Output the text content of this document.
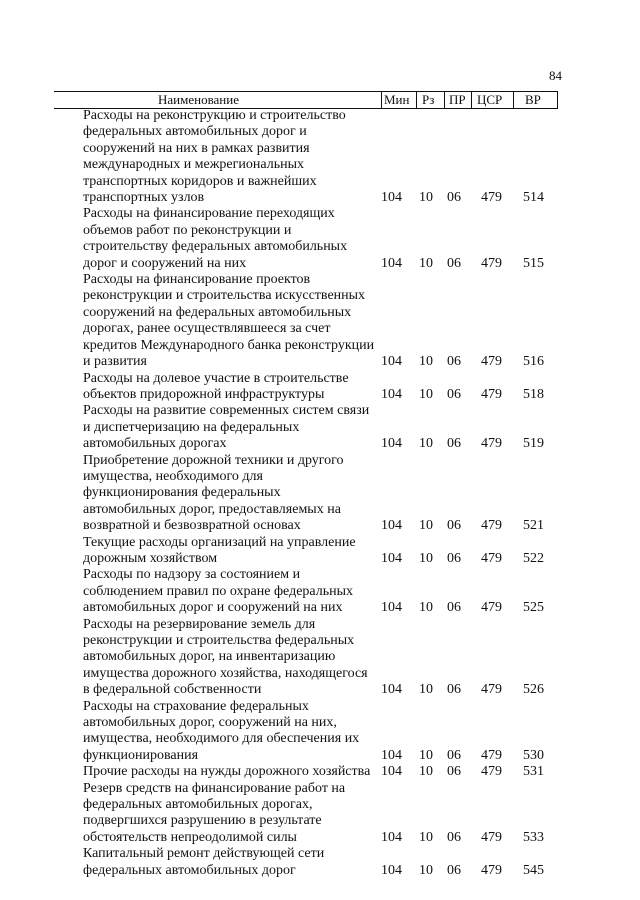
84
Наименование	Мин Рз ПР ЦСР ВР
Расходы на реконструкцию и строительство федеральных автомобильных дорог и сооружений на них в рамках развития международных и межрегиональных транспортных коридоров и важнейших транспортных узлов	104 10 06 479 514
Расходы на финансирование переходящих объемов работ по реконструкции и строительству федеральных автомобильных дорог и сооружений на них	104 10 06 479 515
Расходы на финансирование проектов реконструкции и строительства искусственных сооружений на федеральных автомобильных дорогах, ранее осуществлявшееся за счет кредитов Международного банка реконструкции и развития	104 10 06 479 516
Расходы на долевое участие в строительстве объектов придорожной инфраструктуры	104 10 06 479 518
Расходы на развитие современных систем связи и диспетчеризацию на федеральных автомобильных дорогах	104 10 06 479 519
Приобретение дорожной техники и другого имущества, необходимого для функционирования федеральных автомобильных дорог, предоставляемых на возвратной и безвозвратной основах	104 10 06 479 521
Текущие расходы организаций на управление дорожным хозяйством	104 10 06 479 522
Расходы по надзору за состоянием и соблюдением правил по охране федеральных автомобильных дорог и сооружений на них	104 10 06 479 525
Расходы на резервирование земель для реконструкции и строительства федеральных автомобильных дорог, на инвентаризацию имущества дорожного хозяйства, находящегося в федеральной собственности	104 10 06 479 526
Расходы на страхование федеральных автомобильных дорог, сооружений на них, имущества, необходимого для обеспечения их функционирования	104 10 06 479 530
Прочие расходы на нужды дорожного хозяйства 104 10 06 479 531
Резерв средств на финансирование работ на федеральных автомобильных дорогах, подвергшихся разрушению в результате обстоятельств непреодолимой силы	104 10 06 479 533
Капитальный ремонт действующей сети федеральных автомобильных дорог	104 10 06 479 545
